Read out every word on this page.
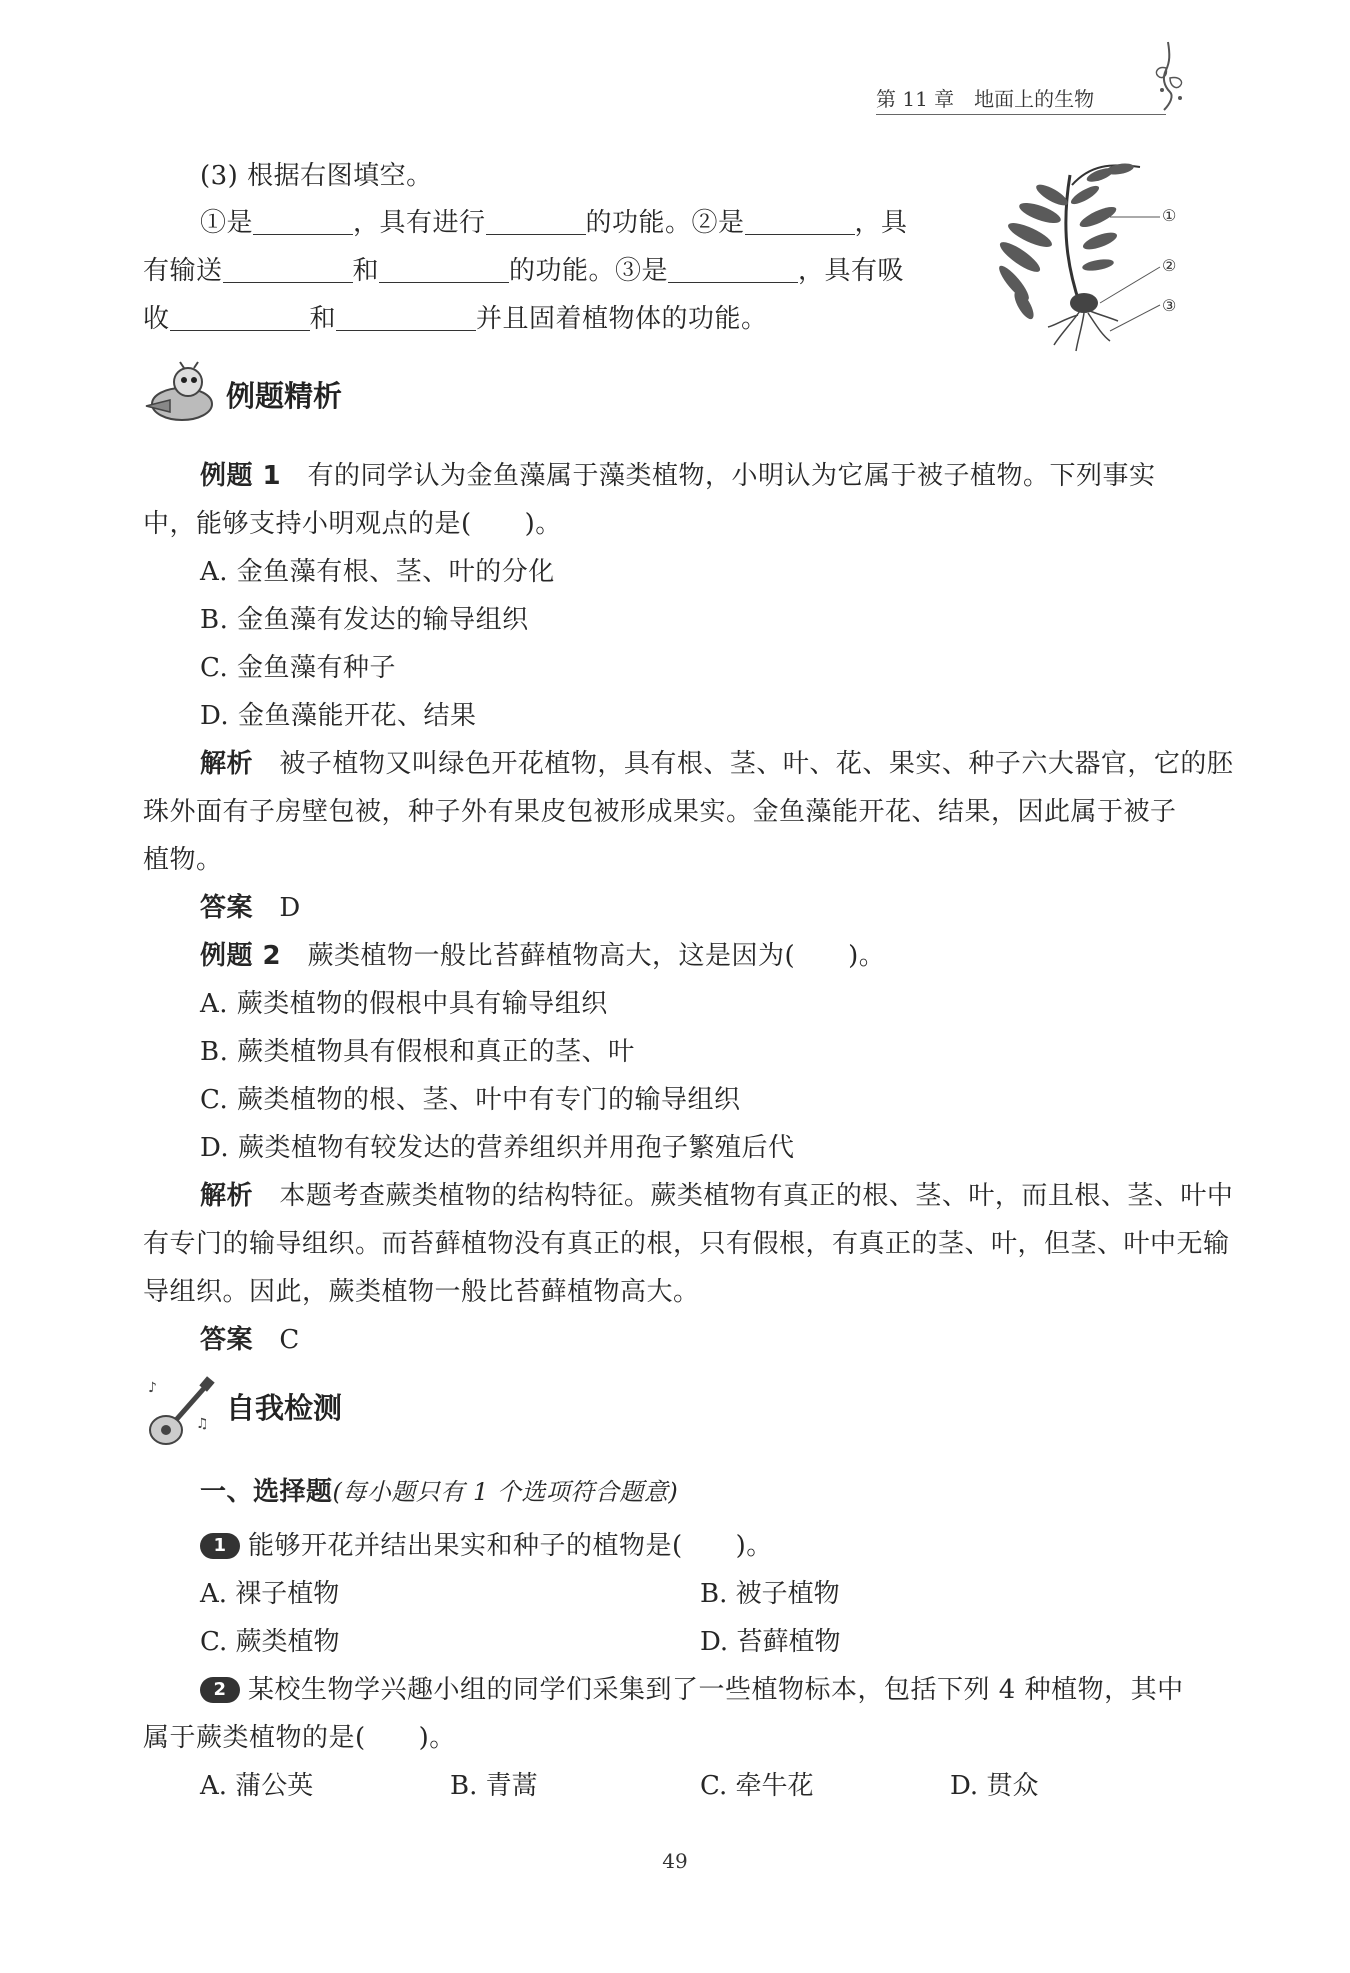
第 11 章　地面上的生物
(3) 根据右图填空。
①是	，具有进行	的功能。②是	，具
有输送	和	的功能。③是	，具有吸
收	和	并且固着植物体的功能。
①
②
③
例题精析
例题 1 有的同学认为金鱼藻属于藻类植物，小明认为它属于被子植物。下列事实
中，能够支持小明观点的是(　　)。
A. 金鱼藻有根、茎、叶的分化
B. 金鱼藻有发达的输导组织
C. 金鱼藻有种子
D. 金鱼藻能开花、结果
解析 被子植物又叫绿色开花植物，具有根、茎、叶、花、果实、种子六大器官，它的胚
珠外面有子房壁包被，种子外有果皮包被形成果实。金鱼藻能开花、结果，因此属于被子
植物。
答案 D
例题 2 蕨类植物一般比苔藓植物高大，这是因为(　　)。
A. 蕨类植物的假根中具有输导组织
B. 蕨类植物具有假根和真正的茎、叶
C. 蕨类植物的根、茎、叶中有专门的输导组织
D. 蕨类植物有较发达的营养组织并用孢子繁殖后代
解析 本题考查蕨类植物的结构特征。蕨类植物有真正的根、茎、叶，而且根、茎、叶中
有专门的输导组织。而苔藓植物没有真正的根，只有假根，有真正的茎、叶，但茎、叶中无输
导组织。因此，蕨类植物一般比苔藓植物高大。
答案 C
♪
♫ 自我检测
一、选择题(每小题只有 1 个选项符合题意)
1 能够开花并结出果实和种子的植物是(　　)。
A. 裸子植物	B. 被子植物
C. 蕨类植物	D. 苔藓植物
2 某校生物学兴趣小组的同学们采集到了一些植物标本，包括下列 4 种植物，其中
属于蕨类植物的是(　　)。
A. 蒲公英	B. 青蒿	C. 牵牛花	D. 贯众
49
